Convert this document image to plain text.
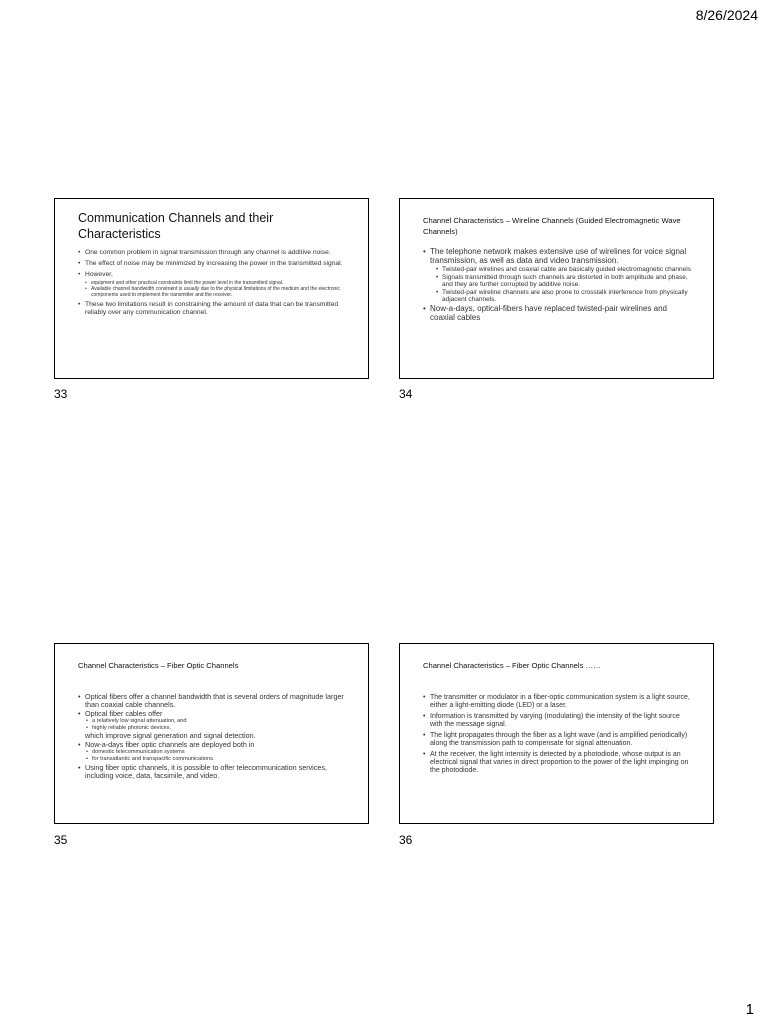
8/26/2024
Communication Channels and their Characteristics
• One common problem in signal transmission through any channel is additive noise.
• The effect of noise may be minimized by increasing the power in the transmitted signal.
• However,
• equipment and other practical constraints limit the power level in the transmitted signal.
• Available channel bandwidth constraint is usually due to the physical limitations of the medium and the electronic components used to implement the transmitter and the receiver.
• These two limitations result in constraining the amount of data that can be transmitted reliably over any communication channel.
33
Channel Characteristics – Wireline Channels (Guided Electromagnetic Wave Channels)
• The telephone network makes extensive use of wirelines for voice signal transmission, as well as data and video transmission.
• Twisted-pair wirelines and coaxial cable are basically guided electromagnetic channels
• Signals transmitted through such channels are distorted in both amplitude and phase, and they are further corrupted by additive noise.
• Twisted-pair wireline channels are also prone to crosstalk interference from physically adjacent channels.
• Now-a-days, optical-fibers have replaced twisted-pair wirelines and coaxial cables
34
Channel Characteristics – Fiber Optic Channels
• Optical fibers offer a channel bandwidth that is several orders of magnitude larger than coaxial cable channels.
• Optical fiber cables offer
• a relatively low signal attenuation, and
• highly reliable photonic devices,
which improve signal generation and signal detection.
• Now-a-days fiber optic channels are deployed both in
• domestic telecommunication systems
• for transatlantic and transpacific communications.
• Using fiber optic channels, it is possible to offer telecommunication services, including voice, data, facsimile, and video.
35
Channel Characteristics – Fiber Optic Channels ……
• The transmitter or modulator in a fiber-optic communication system is a light source, either a light-emitting diode (LED) or a laser.
• Information is transmitted by varying (modulating) the intensity of the light source with the message signal.
• The light propagates through the fiber as a light wave (and is amplified periodically) along the transmission path to compensate for signal attenuation.
• At the receiver, the light intensity is detected by a photodiode, whose output is an electrical signal that varies in direct proportion to the power of the light impinging on the photodiode.
36
1
